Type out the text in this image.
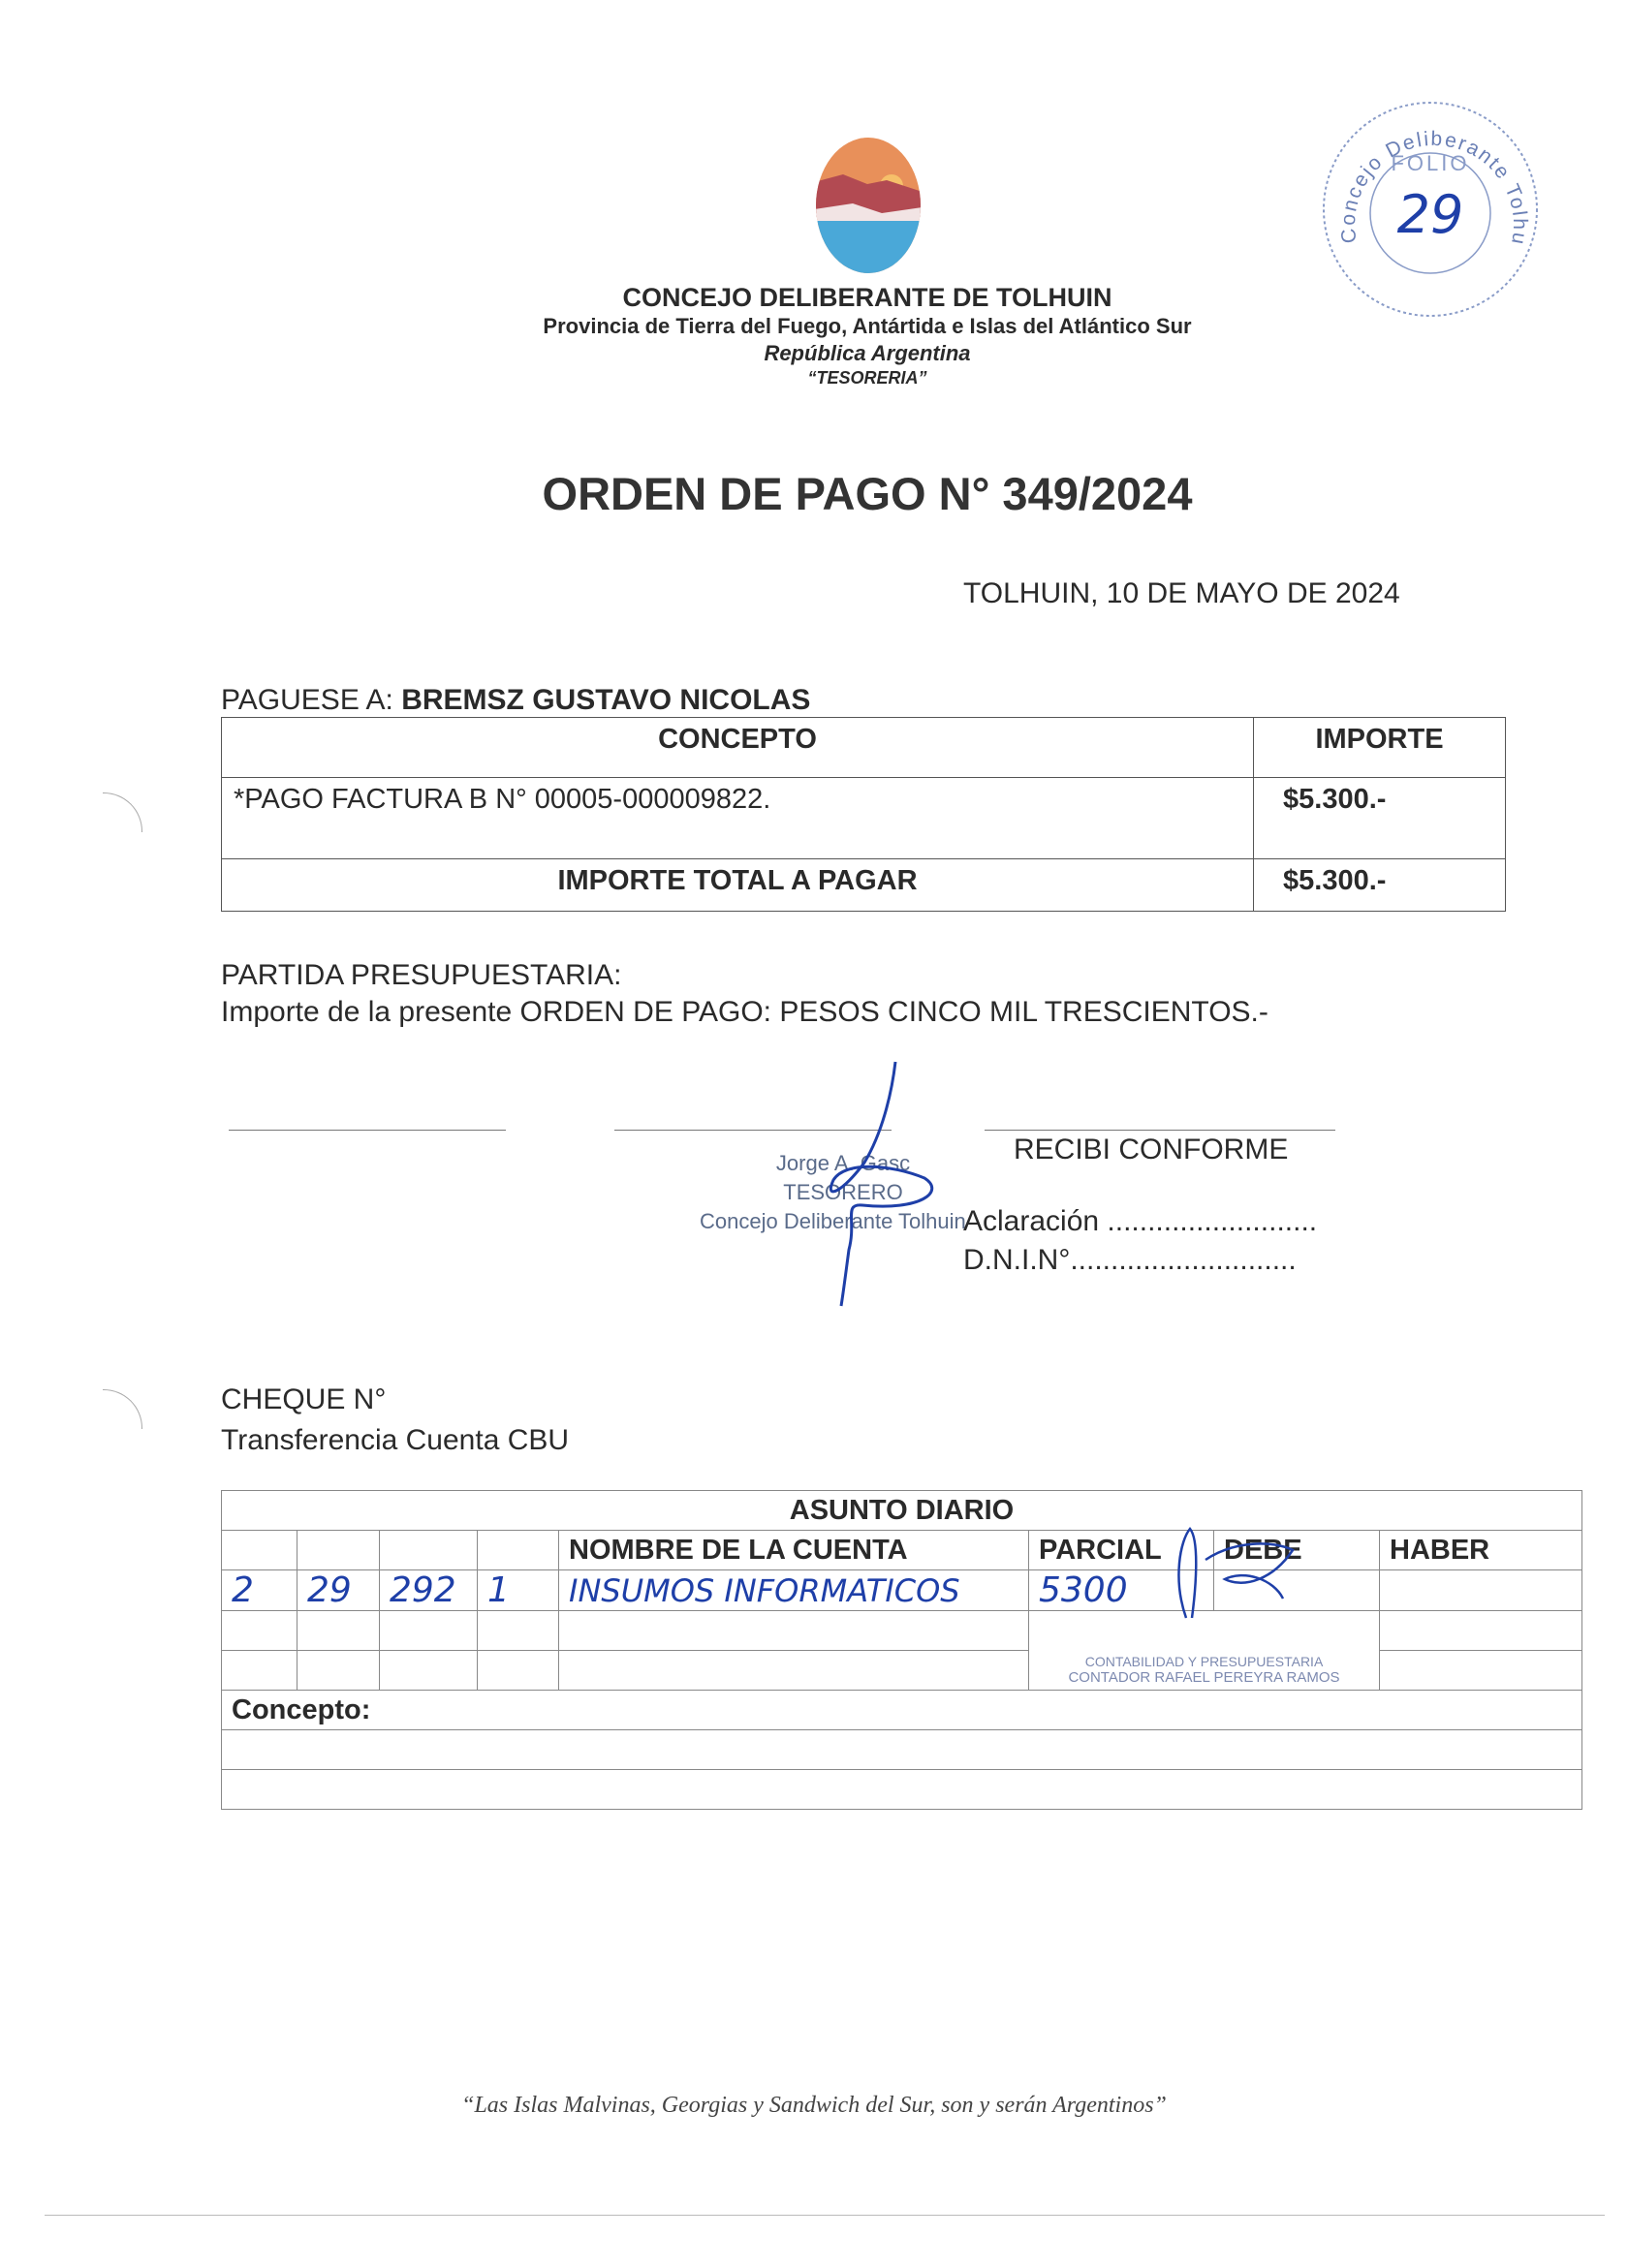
CONCEJO DELIBERANTE DE TOLHUIN
Provincia de Tierra del Fuego, Antártida e Islas del Atlántico Sur
República Argentina
“TESORERIA”
Concejo Deliberante Tolhu
FOLIO
29
ORDEN DE PAGO N° 349/2024
TOLHUIN, 10 DE MAYO DE 2024
PAGUESE A: BREMSZ GUSTAVO NICOLAS
CONCEPTO	IMPORTE
*PAGO FACTURA B N° 00005-000009822.	$5.300.-
IMPORTE TOTAL A PAGAR	$5.300.-
PARTIDA PRESUPUESTARIA:
Importe de la presente ORDEN DE PAGO: PESOS CINCO MIL TRESCIENTOS.-
Jorge A. Gasc
TESORERO
Concejo Deliberante Tolhuin
RECIBI CONFORME
Aclaración ..........................
D.N.I.N°............................
CHEQUE N°
Transferencia Cuenta CBU
ASUNTO DIARIO							
				NOMBRE DE LA CUENTA	PARCIAL	DEBE	HABER
2	29	292	1	INSUMOS INFORMATICOS	5300		

					CONTABILIDAD Y PRESUPUESTARIA
CONTADOR RAFAEL PEREYRA RAMOS		

Concepto:							

“Las Islas Malvinas, Georgias y Sandwich del Sur, son y serán Argentinos”
